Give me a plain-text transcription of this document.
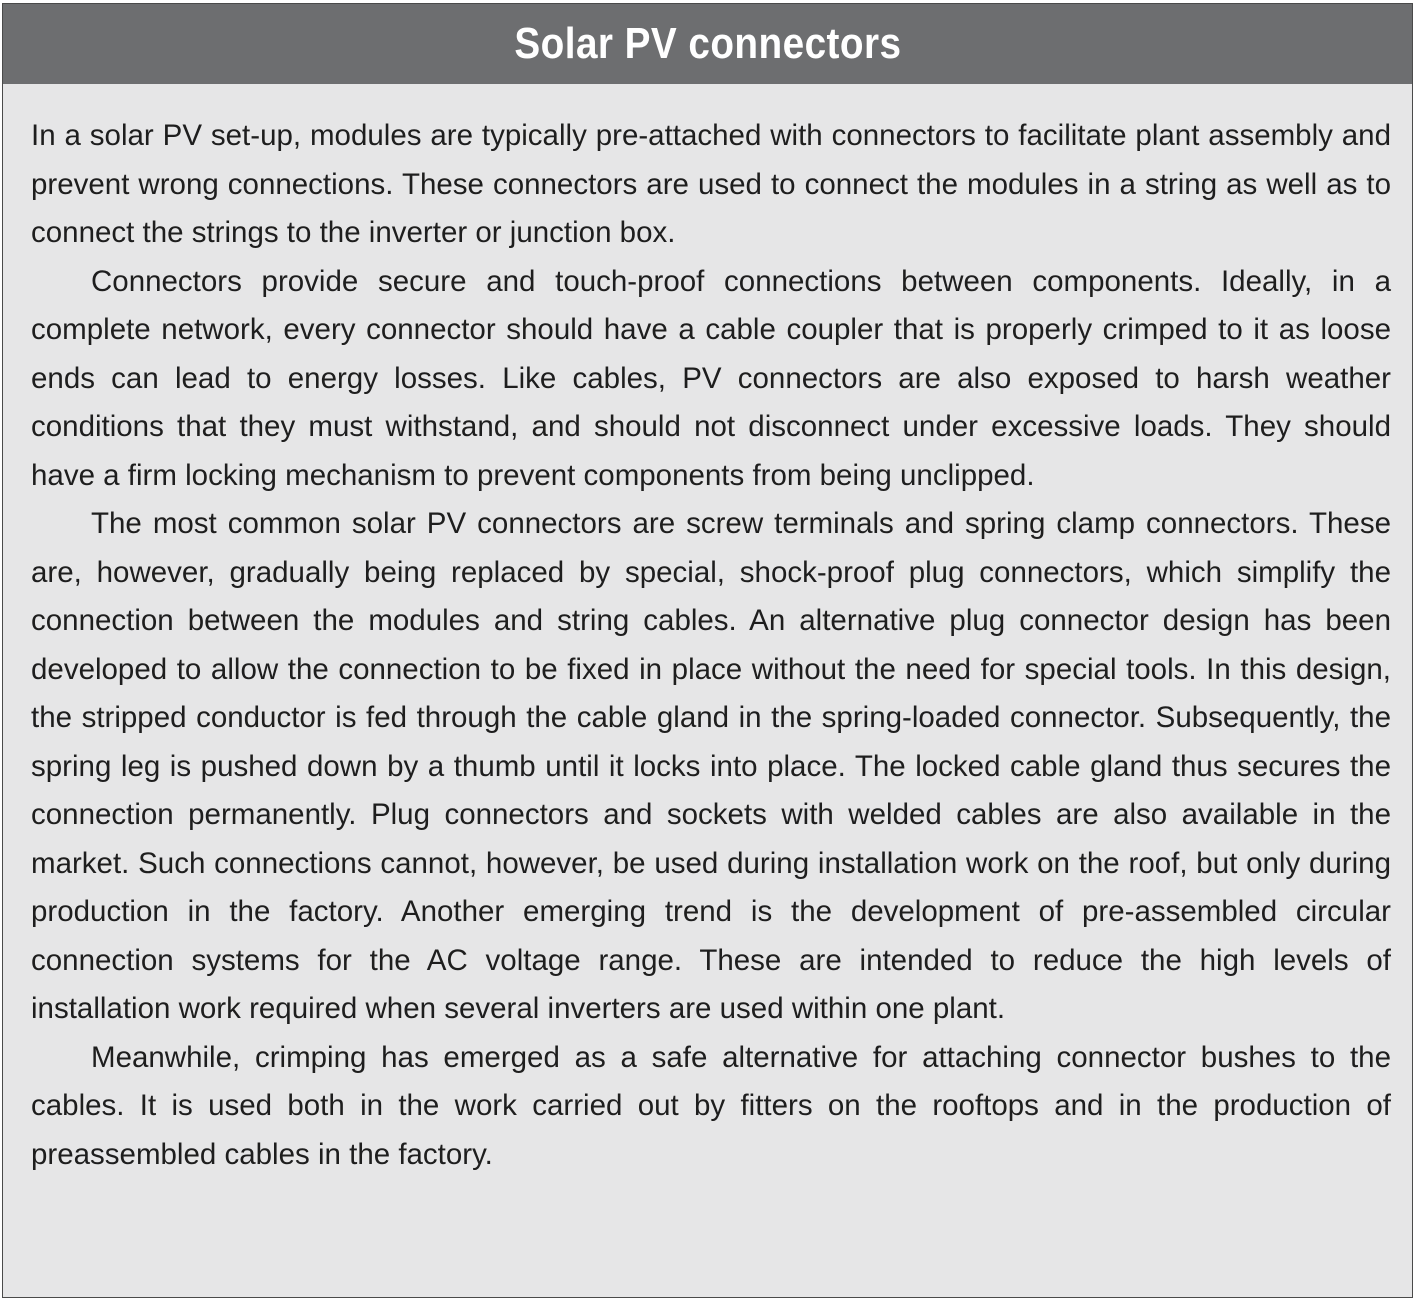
Solar PV connectors

In a solar PV set-up, modules are typically pre-attached with connectors to facilitate plant assembly and prevent wrong connections. These connectors are used to connect the modules in a string as well as to connect the strings to the inverter or junction box.

Connectors provide secure and touch-proof connections between components. Ideally, in a complete network, every connector should have a cable coupler that is properly crimped to it as loose ends can lead to energy losses. Like cables, PV connectors are also exposed to harsh weather conditions that they must withstand, and should not disconnect under excessive loads. They should have a firm locking mechanism to prevent components from being unclipped.

The most common solar PV connectors are screw terminals and spring clamp connectors. These are, however, gradually being replaced by special, shock-proof plug connectors, which simplify the connection between the modules and string cables. An alternative plug connector design has been developed to allow the connection to be fixed in place without the need for special tools. In this design, the stripped conductor is fed through the cable gland in the spring-loaded connector. Subsequently, the spring leg is pushed down by a thumb until it locks into place. The locked cable gland thus secures the connection permanently. Plug connectors and sockets with welded cables are also available in the market. Such connections cannot, however, be used during installation work on the roof, but only during production in the factory. Another emerging trend is the development of pre-assembled circular connection systems for the AC voltage range. These are intended to reduce the high levels of installation work required when several inverters are used within one plant.

Meanwhile, crimping has emerged as a safe alternative for attaching connector bushes to the cables. It is used both in the work carried out by fitters on the rooftops and in the production of preassembled cables in the factory.
